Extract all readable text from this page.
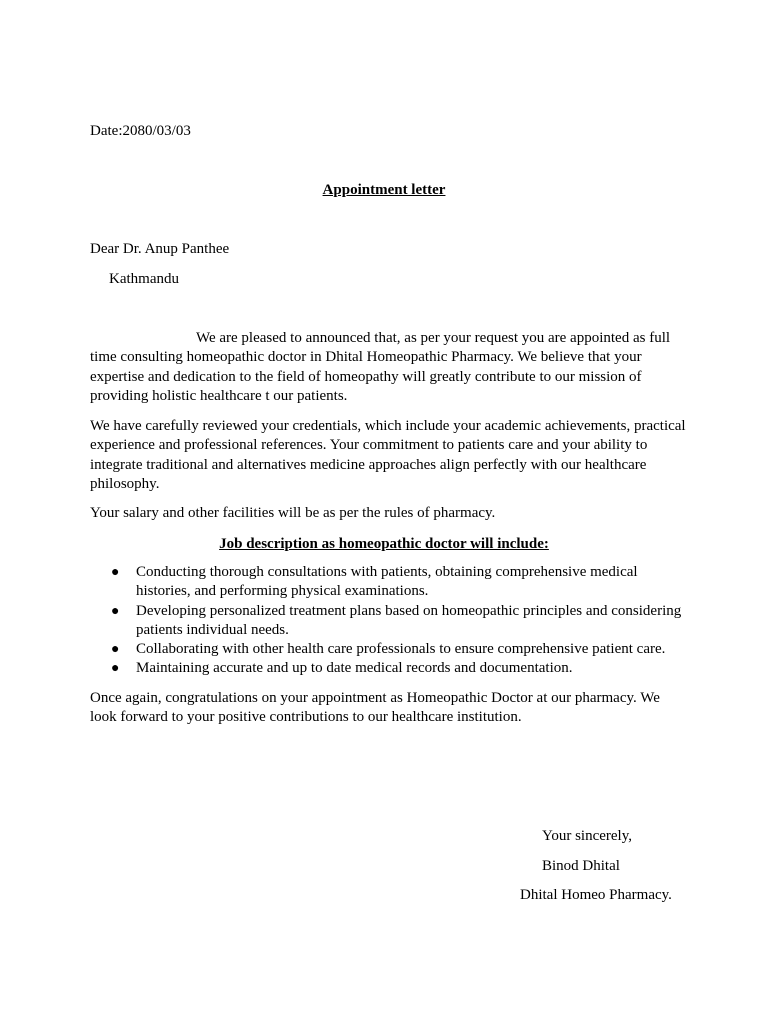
Date:2080/03/03
Appointment letter
Dear Dr. Anup Panthee
Kathmandu
We are pleased to announced that, as per your request you are appointed as full time consulting homeopathic doctor in Dhital Homeopathic Pharmacy. We believe that your expertise and dedication to the field of homeopathy will greatly contribute to our mission of providing holistic healthcare t our patients.
We have carefully reviewed your credentials, which include your academic achievements, practical experience and professional references. Your commitment to patients care and your ability to integrate traditional and alternatives medicine approaches align perfectly with our healthcare philosophy.
Your salary and other facilities will be as per the rules of pharmacy.
Job description as homeopathic doctor will include:
● Conducting thorough consultations with patients, obtaining comprehensive medical histories, and performing physical examinations.
● Developing personalized treatment plans based on homeopathic principles and considering patients individual needs.
● Collaborating with other health care professionals to ensure comprehensive patient care.
● Maintaining accurate and up to date medical records and documentation.
Once again, congratulations on your appointment as Homeopathic Doctor at our pharmacy. We look forward to your positive contributions to our healthcare institution.
Your sincerely,
Binod Dhital
Dhital Homeo Pharmacy.
